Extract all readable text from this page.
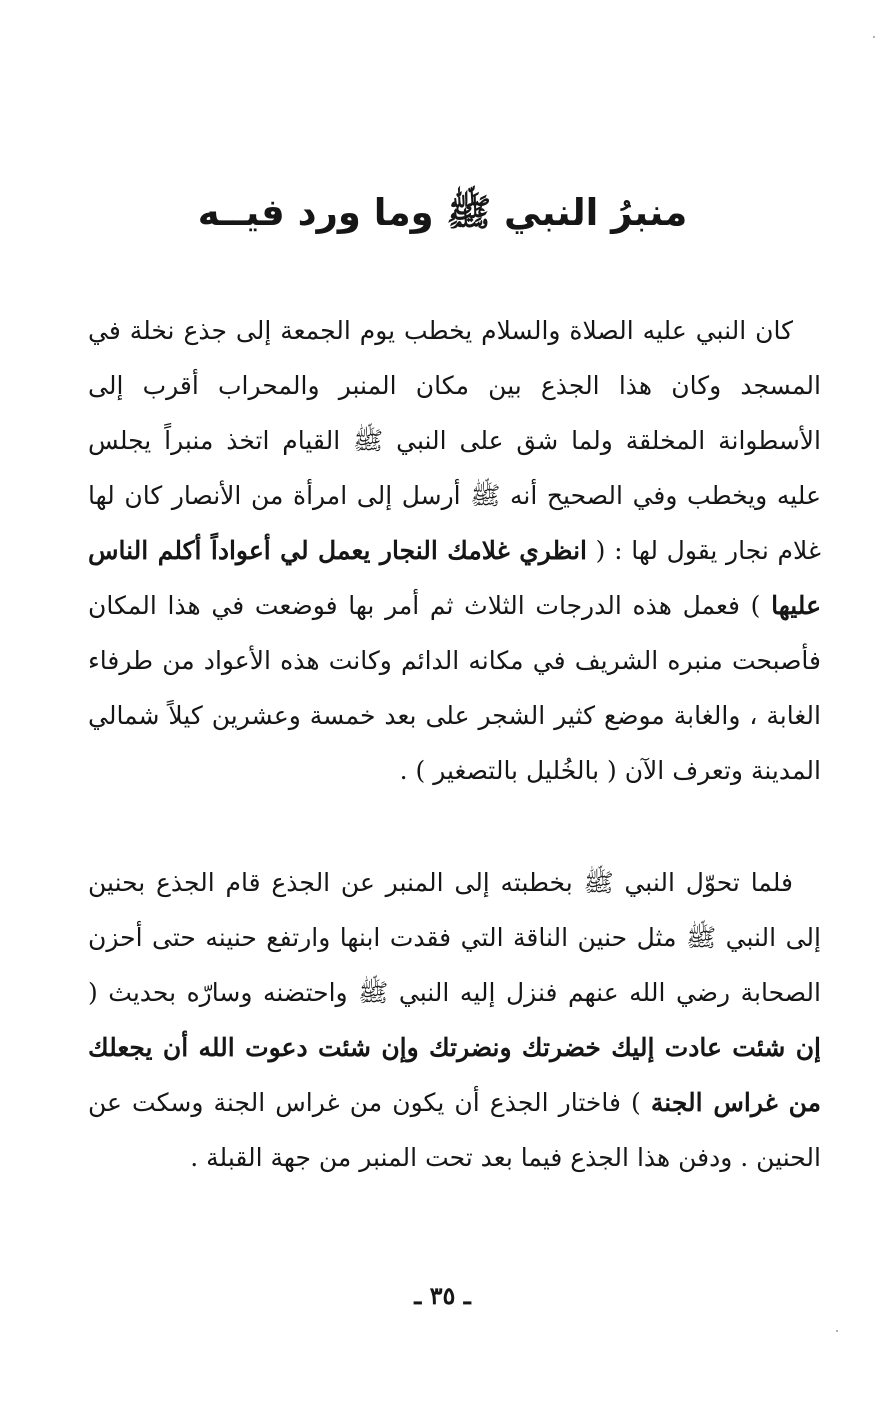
منبرُ النبي ﷺ وما ورد فيــه

كان النبي عليه الصلاة والسلام يخطب يوم الجمعة إلى جذع نخلة في المسجد وكان هذا الجذع بين مكان المنبر والمحراب أقرب إلى الأسطوانة المخلقة ولما شق على النبي ﷺ القيام اتخذ منبراً يجلس عليه ويخطب وفي الصحيح أنه ﷺ أرسل إلى امرأة من الأنصار كان لها غلام نجار يقول لها : ( انظري غلامك النجار يعمل لي أعواداً أكلم الناس عليها ) فعمل هذه الدرجات الثلاث ثم أمر بها فوضعت في هذا المكان فأصبحت منبره الشريف في مكانه الدائم وكانت هذه الأعواد من طرفاء الغابة ، والغابة موضع كثير الشجر على بعد خمسة وعشرين كيلاً شمالي المدينة وتعرف الآن ( بالخُليل بالتصغير ) .

فلما تحوّل النبي ﷺ بخطبته إلى المنبر عن الجذع قام الجذع بحنين إلى النبي ﷺ مثل حنين الناقة التي فقدت ابنها وارتفع حنينه حتى أحزن الصحابة رضي الله عنهم فنزل إليه النبي ﷺ واحتضنه وسارّه بحديث ( إن شئت عادت إليك خضرتك ونضرتك وإن شئت دعوت الله أن يجعلك من غراس الجنة ) فاختار الجذع أن يكون من غراس الجنة وسكت عن الحنين . ودفن هذا الجذع فيما بعد تحت المنبر من جهة القبلة .

ـ ٣٥ ـ
